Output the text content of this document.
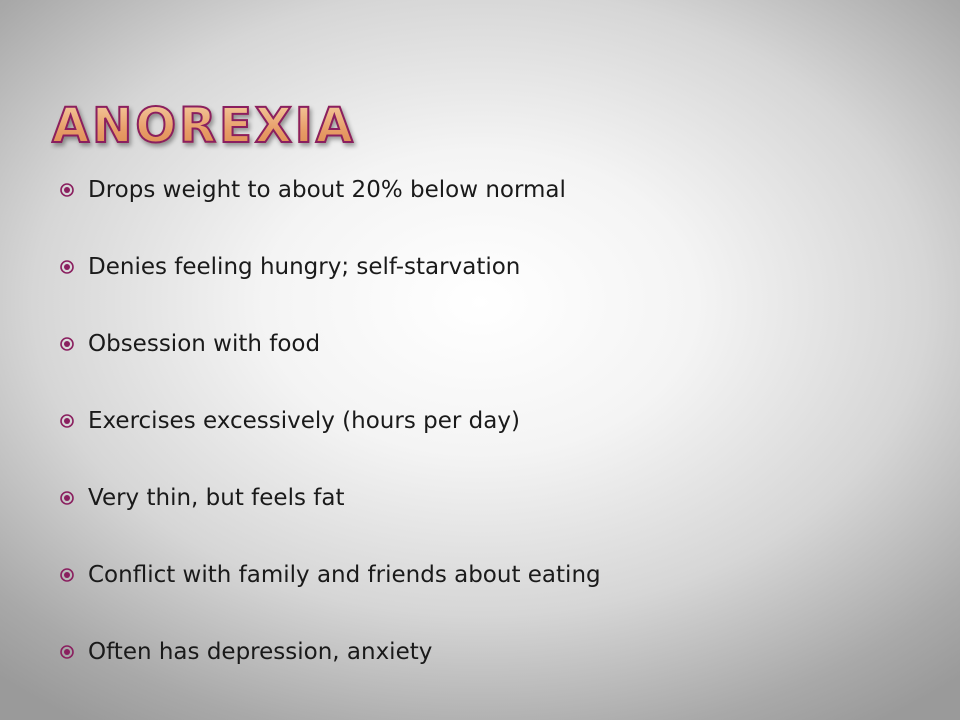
ANOREXIA
Drops weight to about 20% below normal
Denies feeling hungry; self-starvation
Obsession with food
Exercises excessively (hours per day)
Very thin, but feels fat
Conflict with family and friends about eating
Often has depression, anxiety
